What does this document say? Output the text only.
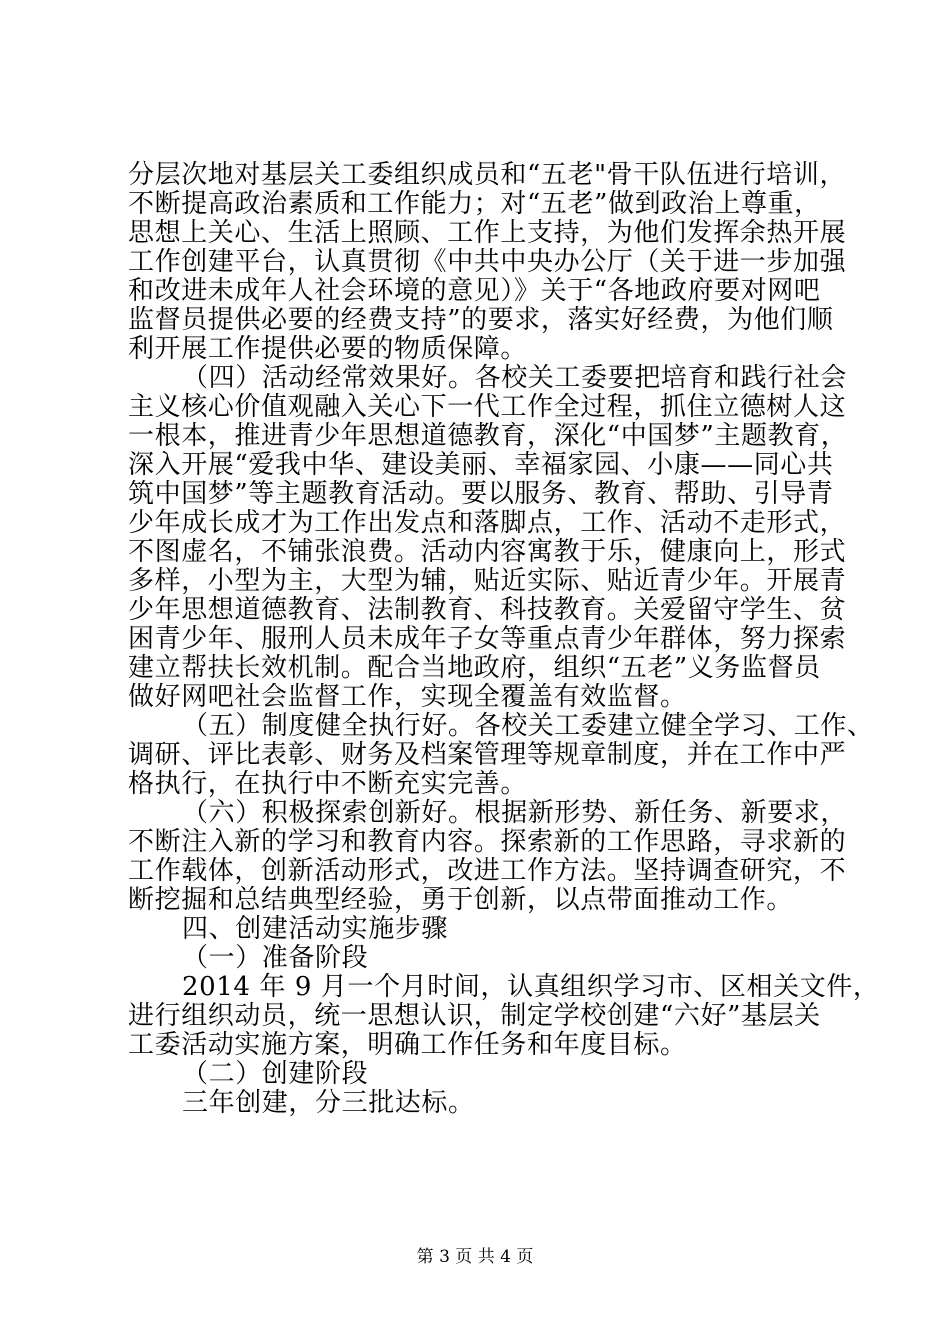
分层次地对基层关工委组织成员和“五老"骨干队伍进行培训，
不断提高政治素质和工作能力；对“五老”做到政治上尊重，
思想上关心、生活上照顾、工作上支持，为他们发挥余热开展
工作创建平台，认真贯彻《中共中央办公厅（关于进一步加强
和改进未成年人社会环境的意见）》关于“各地政府要对网吧
监督员提供必要的经费支持”的要求，落实好经费，为他们顺
利开展工作提供必要的物质保障。
（四）活动经常效果好。各校关工委要把培育和践行社会
主义核心价值观融入关心下一代工作全过程，抓住立德树人这
一根本，推进青少年思想道德教育，深化“中国梦”主题教育，
深入开展“爱我中华、建设美丽、幸福家园、小康——同心共
筑中国梦”等主题教育活动。要以服务、教育、帮助、引导青
少年成长成才为工作出发点和落脚点，工作、活动不走形式，
不图虚名，不铺张浪费。活动内容寓教于乐，健康向上，形式
多样，小型为主，大型为辅，贴近实际、贴近青少年。开展青
少年思想道德教育、法制教育、科技教育。关爱留守学生、贫
困青少年、服刑人员未成年子女等重点青少年群体，努力探索
建立帮扶长效机制。配合当地政府，组织“五老”义务监督员
做好网吧社会监督工作，实现全覆盖有效监督。
（五）制度健全执行好。各校关工委建立健全学习、工作、
调研、评比表彰、财务及档案管理等规章制度，并在工作中严
格执行，在执行中不断充实完善。
（六）积极探索创新好。根据新形势、新任务、新要求，
不断注入新的学习和教育内容。探索新的工作思路，寻求新的
工作载体，创新活动形式，改进工作方法。坚持调查研究，不
断挖掘和总结典型经验，勇于创新，以点带面推动工作。
四、创建活动实施步骤
（一）准备阶段
2014 年 9 月一个月时间，认真组织学习市、区相关文件，
进行组织动员，统一思想认识，制定学校创建“六好”基层关
工委活动实施方案，明确工作任务和年度目标。
（二）创建阶段
三年创建，分三批达标。
第 3 页 共 4 页
